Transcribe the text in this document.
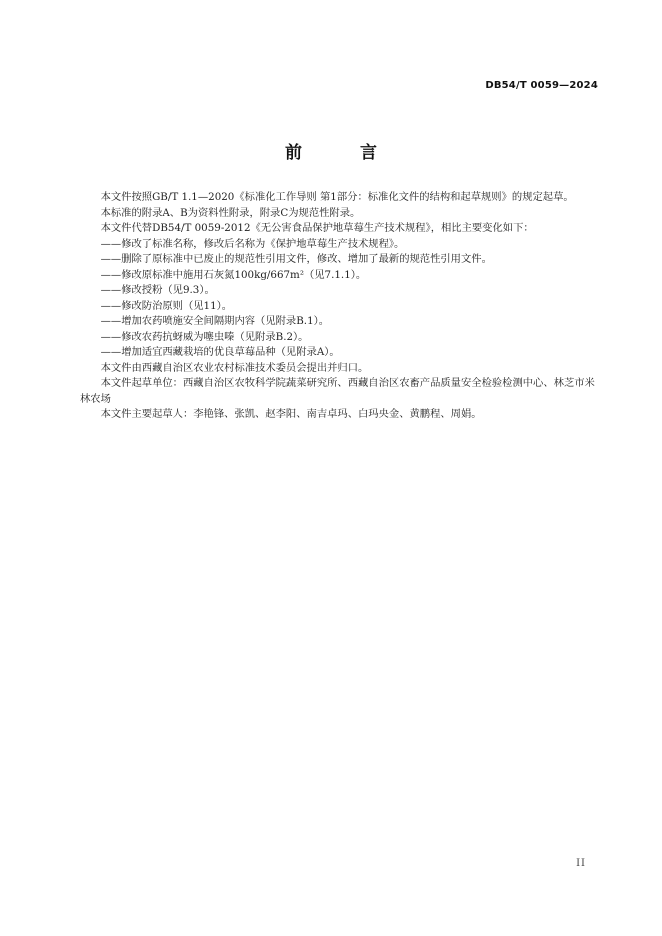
DB54/T 0059—2024
前 言

本文件按照GB/T 1.1—2020《标准化工作导则 第1部分：标准化文件的结构和起草规则》的规定起草。

本标准的附录A、B为资料性附录，附录C为规范性附录。

本文件代替DB54/T 0059-2012《无公害食品保护地草莓生产技术规程》，相比主要变化如下：

——修改了标准名称，修改后名称为《保护地草莓生产技术规程》。

——删除了原标准中已废止的规范性引用文件，修改、增加了最新的规范性引用文件。

——修改原标准中施用石灰氮100kg/667m²（见7.1.1）。

——修改授粉（见9.3）。

——修改防治原则（见11）。

——增加农药喷施安全间隔期内容（见附录B.1）。

——修改农药抗蚜威为噻虫嗪（见附录B.2）。

——增加适宜西藏栽培的优良草莓品种（见附录A）。

本文件由西藏自治区农业农村标准技术委员会提出并归口。

本文件起草单位：西藏自治区农牧科学院蔬菜研究所、西藏自治区农畜产品质量安全检验检测中心、林芝市米林农场

本文件主要起草人：李艳锋、张凯、赵李阳、南吉卓玛、白玛央金、黄鹏程、周娟。

II
